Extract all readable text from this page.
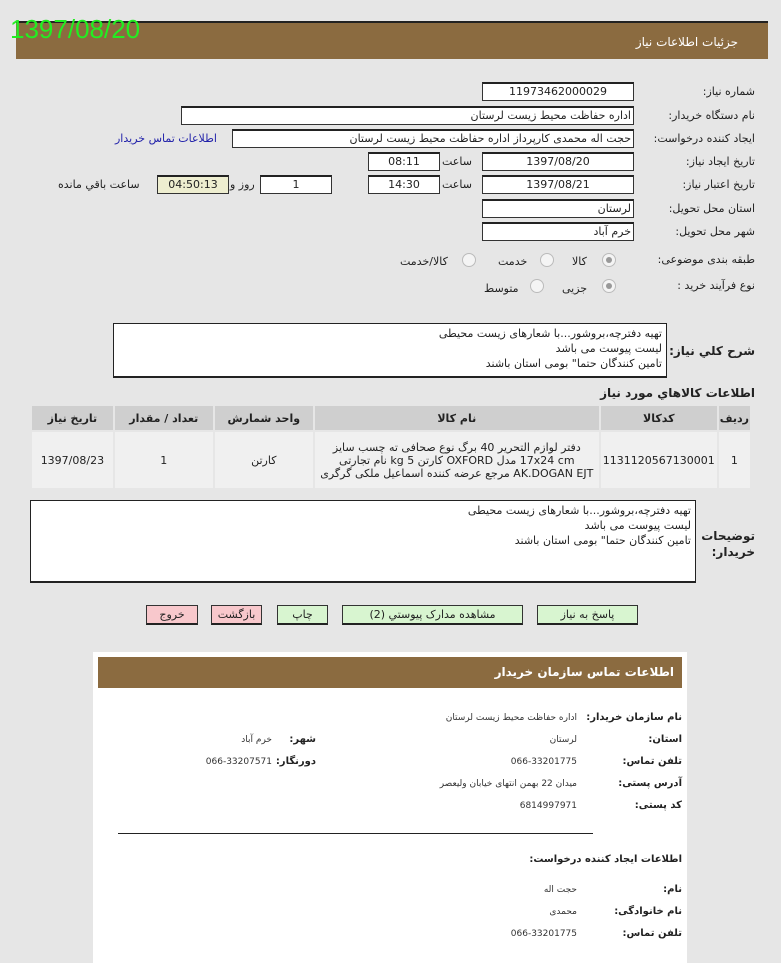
جزئیات اطلاعات نیاز
1397/08/20
شماره نیاز:
11973462000029
نام دستگاه خریدار:
اداره حفاظت محیط زیست لرستان
ایجاد کننده درخواست:
حجت اله محمدی کارپرداز اداره حفاظت محیط زیست لرستان
اطلاعات تماس خریدار
تاریخ ایجاد نیاز:
1397/08/20
ساعت
08:11
تاریخ اعتبار نیاز:
1397/08/21
ساعت
14:30
1
روز و
04:50:13
ساعت باقي مانده
استان محل تحویل:
لرستان
شهر محل تحویل:
خرم آباد
طبقه بندی موضوعی:
کالا
خدمت
کالا/خدمت
نوع فرآیند خرید :
جزیی
متوسط
شرح کلي نياز:
تهیه دفترچه،بروشور...با شعارهای زیست محیطی
لیست پیوست می باشد
تامین کنندگان حتما" بومی استان باشند
اطلاعات کالاهاي مورد نياز
رديف	کدکالا	نام کالا	واحد شمارش	تعداد / مقدار	تاریخ نیاز
1	1131120567130001	دفتر لوازم التحریر 40 برگ نوع صحافی ته چسب سایز 17x24 cm مدل OXFORD کارتن 5 kg نام تجارتی AK.DOGAN EJT مرجع عرضه کننده اسماعیل ملکی گرگری	کارتن	1	1397/08/23
توضیحات خریدار:
تهیه دفترچه،بروشور...با شعارهای زیست محیطی
لیست پیوست می باشد
تامین کنندگان حتما" بومی استان باشند
پاسخ به نیاز
مشاهده مدارک پیوستي (2)
چاپ
بازگشت
خروج
اطلاعات تماس سازمان خریدار
نام سازمان خریدار:
اداره حفاظت محیط زیست لرستان
استان:
لرستان
شهر:
خرم آباد
تلفن تماس:
066-33201775
دورنگار:
066-33207571
آدرس پستی:
میدان 22 بهمن انتهای خیابان ولیعصر
کد پستی:
6814997971
اطلاعات ایجاد کننده درخواست:
نام:
حجت اله
نام خانوادگی:
محمدی
تلفن تماس:
066-33201775
